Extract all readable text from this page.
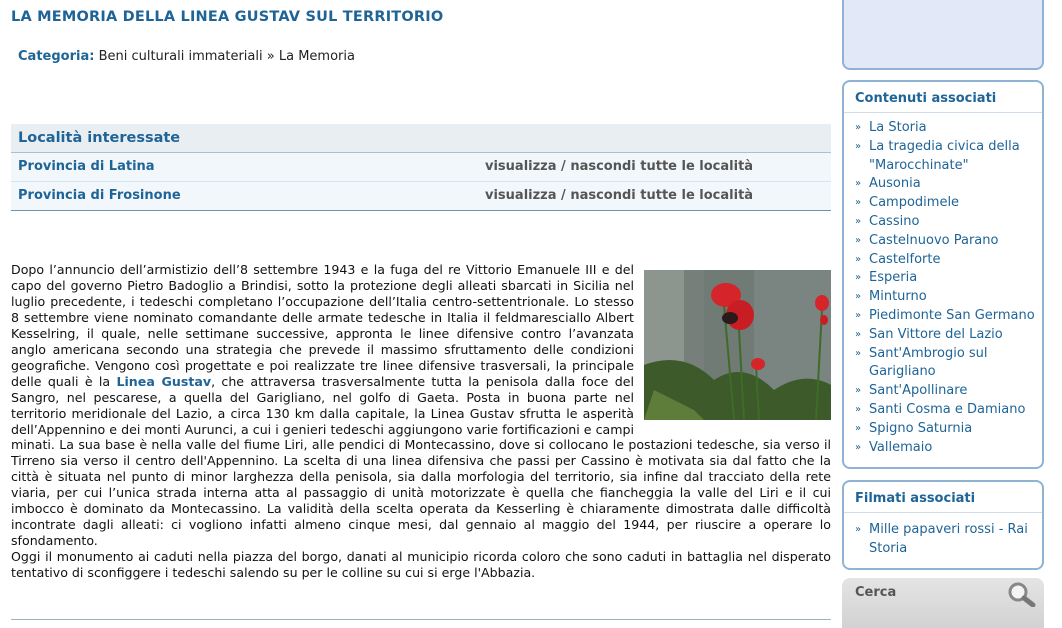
LA MEMORIA DELLA LINEA GUSTAV SUL TERRITORIO
Categoria: Beni culturali immateriali » La Memoria
Località interessate
Provincia di Latina	visualizza / nascondi tutte le località
Provincia di Frosinone	visualizza / nascondi tutte le località

Dopo l’annuncio dell’armistizio dell’8 settembre 1943 e la fuga del re Vittorio Emanuele III e del capo del governo Pietro Badoglio a Brindisi, sotto la protezione degli alleati sbarcati in Sicilia nel luglio precedente, i tedeschi completano l’occupazione dell’Italia centro-settentrionale. Lo stesso 8 settembre viene nominato comandante delle armate tedesche in Italia il feldmaresciallo Albert Kesselring, il quale, nelle settimane successive, appronta le linee difensive contro l’avanzata anglo americana secondo una strategia che prevede il massimo sfruttamento delle condizioni geografiche. Vengono così progettate e poi realizzate tre linee difensive trasversali, la principale delle quali è la Linea Gustav, che attraversa trasversalmente tutta la penisola dalla foce del Sangro, nel pescarese, a quella del Garigliano, nel golfo di Gaeta. Posta in buona parte nel territorio meridionale del Lazio, a circa 130 km dalla capitale, la Linea Gustav sfrutta le asperità dell’Appennino e dei monti Aurunci, a cui i genieri tedeschi aggiungono varie fortificazioni e campi minati. La sua base è nella valle del fiume Liri, alle pendici di Montecassino, dove si collocano le postazioni tedesche, sia verso il Tirreno sia verso il centro dell'Appennino. La scelta di una linea difensiva che passi per Cassino è motivata sia dal fatto che la città è situata nel punto di minor larghezza della penisola, sia dalla morfologia del territorio, sia infine dal tracciato della rete viaria, per cui l’unica strada interna atta al passaggio di unità motorizzate è quella che fiancheggia la valle del Liri e il cui imbocco è dominato da Montecassino. La validità della scelta operata da Kesserling è chiaramente dimostrata dalle difficoltà incontrate dagli alleati: ci vogliono infatti almeno cinque mesi, dal gennaio al maggio del 1944, per riuscire a operare lo sfondamento.

Oggi il monumento ai caduti nella piazza del borgo, danati al municipio ricorda coloro che sono caduti in battaglia nel disperato tentativo di sconfiggere i tedeschi salendo su per le colline su cui si erge l'Abbazia.

Contenuti associati
» La Storia
» La tragedia civica della "Marocchinate"
» Ausonia
» Campodimele
» Cassino
» Castelnuovo Parano
» Castelforte
» Esperia
» Minturno
» Piedimonte San Germano
» San Vittore del Lazio
» Sant'Ambrogio sul Garigliano
» Sant'Apollinare
» Santi Cosma e Damiano
» Spigno Saturnia
» Vallemaio
Filmati associati
» Mille papaveri rossi - Rai Storia
Cerca
